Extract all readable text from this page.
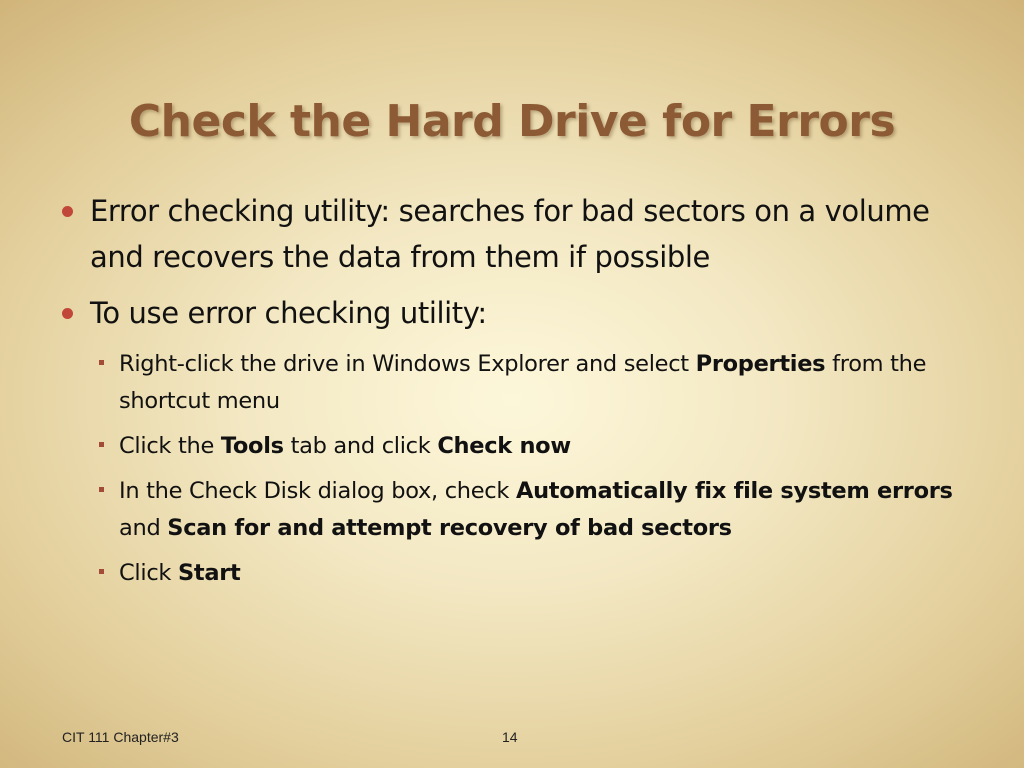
Check the Hard Drive for Errors
Error checking utility: searches for bad sectors on a volume and recovers the data from them if possible
To use error checking utility:
Right-click the drive in Windows Explorer and select Properties from the shortcut menu
Click the Tools tab and click Check now
In the Check Disk dialog box, check Automatically fix file system errors and Scan for and attempt recovery of bad sectors
Click Start
CIT 111 Chapter#3	14
